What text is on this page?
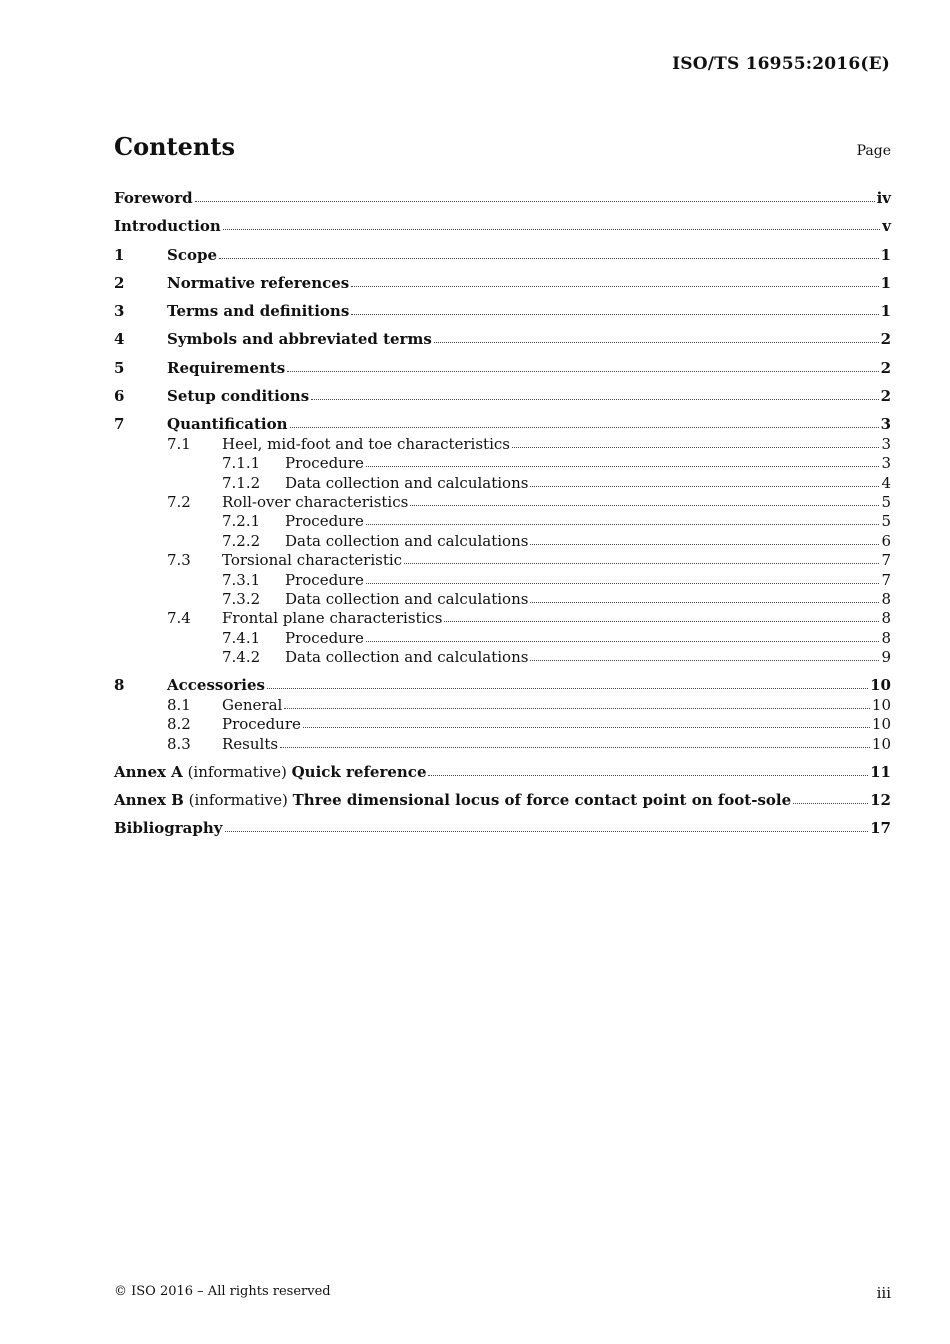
ISO/TS 16955:2016(E)
Contents	Page
Foreword	iv
Introduction	v
1	Scope	1
2	Normative references	1
3	Terms and definitions	1
4	Symbols and abbreviated terms	2
5	Requirements	2
6	Setup conditions	2
7	Quantification	3
7.1	Heel, mid-foot and toe characteristics	3
7.1.1	Procedure	3
7.1.2	Data collection and calculations	4
7.2	Roll-over characteristics	5
7.2.1	Procedure	5
7.2.2	Data collection and calculations	6
7.3	Torsional characteristic	7
7.3.1	Procedure	7
7.3.2	Data collection and calculations	8
7.4	Frontal plane characteristics	8
7.4.1	Procedure	8
7.4.2	Data collection and calculations	9
8	Accessories	10
8.1	General	10
8.2	Procedure	10
8.3	Results	10
Annex A (informative) Quick reference	11
Annex B (informative) Three dimensional locus of force contact point on foot-sole	12
Bibliography	17
© ISO 2016 – All rights reserved	iii
